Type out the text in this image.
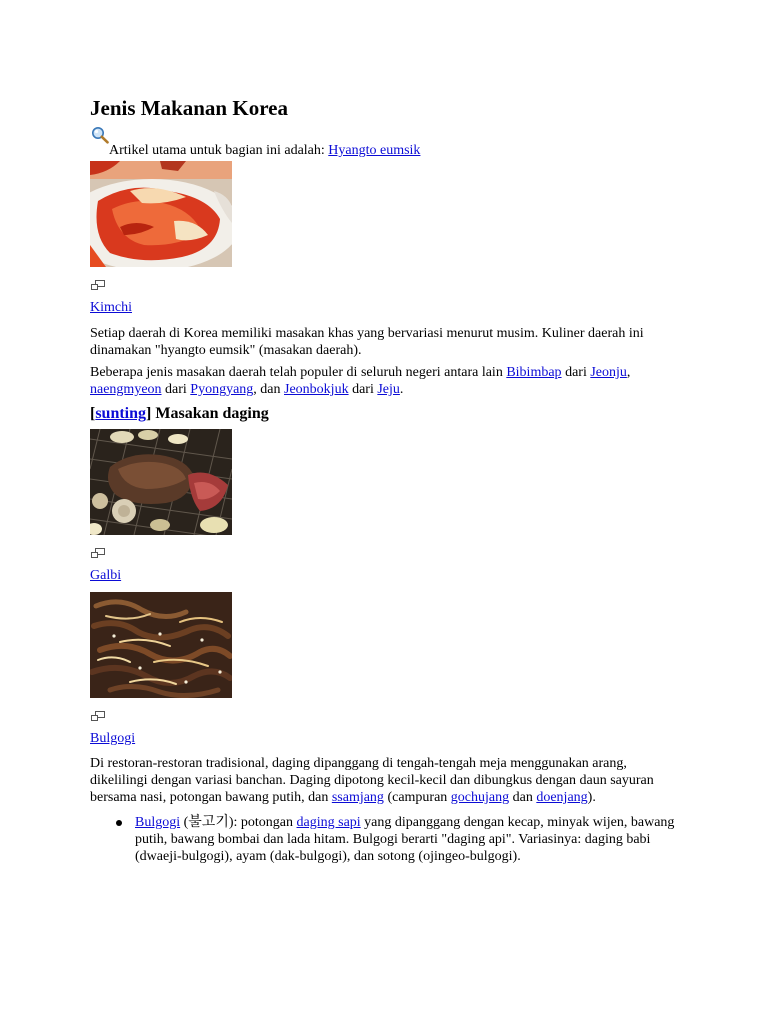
Jenis Makanan Korea
Artikel utama untuk bagian ini adalah: Hyangto eumsik
Kimchi

Setiap daerah di Korea memiliki masakan khas yang bervariasi menurut musim. Kuliner daerah ini dinamakan "hyangto eumsik" (masakan daerah).

Beberapa jenis masakan daerah telah populer di seluruh negeri antara lain Bibimbap dari Jeonju, naengmyeon dari Pyongyang, dan Jeonbokjuk dari Jeju.

[sunting] Masakan daging
Galbi
Bulgogi

Di restoran-restoran tradisional, daging dipanggang di tengah-tengah meja menggunakan arang, dikelilingi dengan variasi banchan. Daging dipotong kecil-kecil dan dibungkus dengan daun sayuran bersama nasi, potongan bawang putih, dan ssamjang (campuran gochujang dan doenjang).

Bulgogi (불고기): potongan daging sapi yang dipanggang dengan kecap, minyak wijen, bawang putih, bawang bombai dan lada hitam. Bulgogi berarti "daging api". Variasinya: daging babi (dwaeji-bulgogi), ayam (dak-bulgogi), dan sotong (ojingeo-bulgogi).
